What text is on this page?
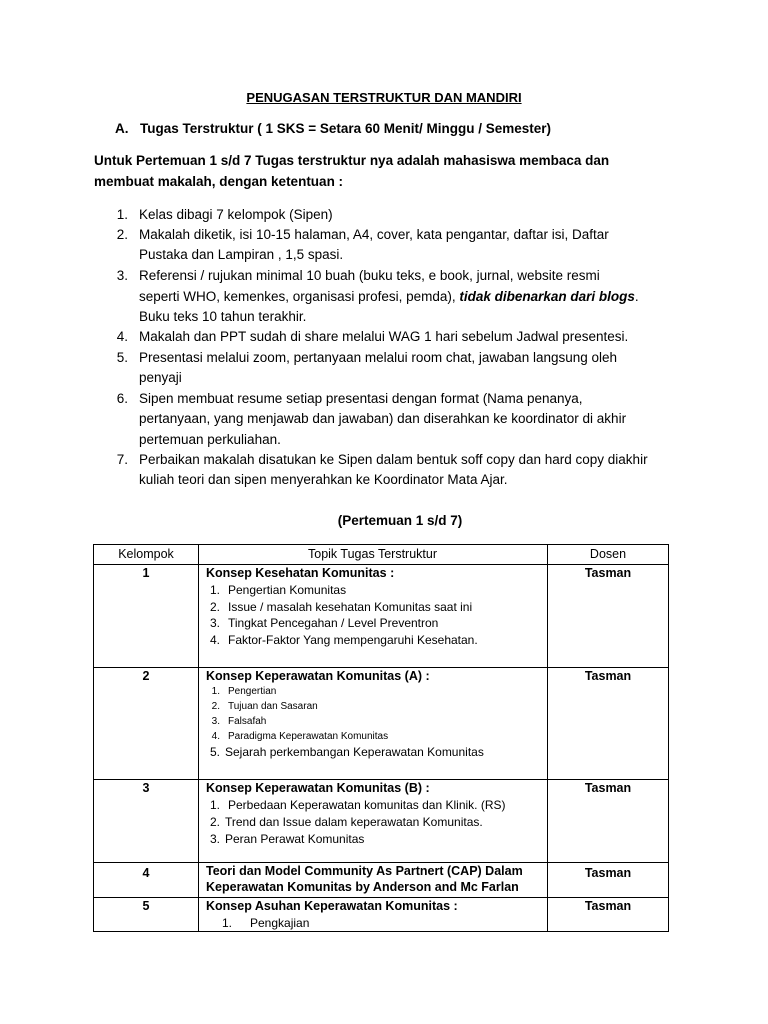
PENUGASAN TERSTRUKTUR DAN MANDIRI
A. Tugas Terstruktur ( 1 SKS = Setara 60 Menit/ Minggu / Semester)
Untuk Pertemuan 1 s/d 7 Tugas terstruktur nya adalah mahasiswa membaca dan
membuat makalah, dengan ketentuan :
1. Kelas dibagi 7 kelompok (Sipen)
2. Makalah diketik, isi 10-15 halaman, A4, cover, kata pengantar, daftar isi, Daftar
Pustaka dan Lampiran , 1,5 spasi.
3. Referensi / rujukan minimal 10 buah (buku teks, e book, jurnal, website resmi
seperti WHO, kemenkes, organisasi profesi, pemda), tidak dibenarkan dari blogs.
Buku teks 10 tahun terakhir.
4. Makalah dan PPT sudah di share melalui WAG 1 hari sebelum Jadwal presentesi.
5. Presentasi melalui zoom, pertanyaan melalui room chat, jawaban langsung oleh
penyaji
6. Sipen membuat resume setiap presentasi dengan format (Nama penanya,
pertanyaan, yang menjawab dan jawaban) dan diserahkan ke koordinator di akhir
pertemuan perkuliahan.
7. Perbaikan makalah disatukan ke Sipen dalam bentuk soff copy dan hard copy diakhir
kuliah teori dan sipen menyerahkan ke Koordinator Mata Ajar.
(Pertemuan 1 s/d 7)
Kelompok	Topik Tugas Terstruktur	Dosen
1	Konsep Kesehatan Komunitas :
1. Pengertian Komunitas
2. Issue / masalah kesehatan Komunitas saat ini
3. Tingkat Pencegahan / Level Preventron
4. Faktor-Faktor Yang mempengaruhi Kesehatan.
Tasman
2	Konsep Keperawatan Komunitas (A) :
1. Pengertian
2. Tujuan dan Sasaran
3. Falsafah
4. Paradigma Keperawatan Komunitas
5. Sejarah perkembangan Keperawatan Komunitas
Tasman
3	Konsep Keperawatan Komunitas (B) :
1. Perbedaan Keperawatan komunitas dan Klinik. (RS)
2. Trend dan Issue dalam keperawatan Komunitas.
3. Peran Perawat Komunitas
Tasman
4	Teori dan Model Community As Partnert (CAP) Dalam
Keperawatan Komunitas by Anderson and Mc Farlan
Tasman
5	Konsep Asuhan Keperawatan Komunitas :
1. Pengkajian
Tasman
